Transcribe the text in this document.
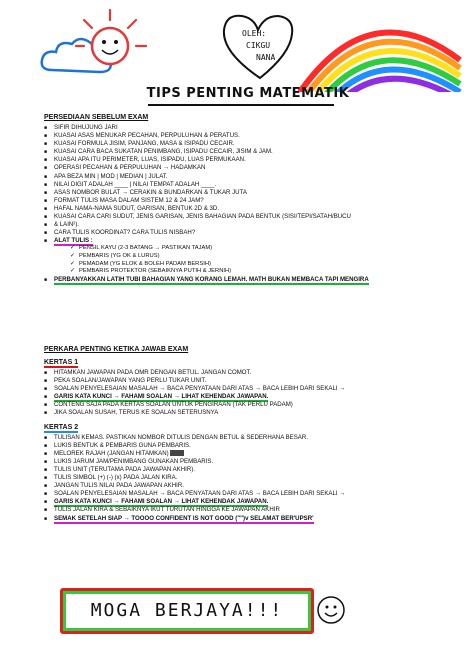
OLEH:
CIKGU
NANA
TIPS PENTING MATEMATIK
PERSEDIAAN SEBELUM EXAM
■ SIFIR DIHUJUNG JARI
■ KUASAI ASAS MENUKAR PECAHAN, PERPULUHAN & PERATUS.
■ KUASAI FORMULA JISIM, PANJANG, MASA & ISIPADU CECAIR.
■ KUASAI CARA BACA SUKATAN PENIMBANG, ISIPADU CECAIR, JISIM & JAM.
■ KUASAI APA ITU PERIMETER, LUAS, ISIPADU, LUAS PERMUKAAN.
■ OPERASI PECAHAN & PERPULUHAN → HADAMKAN
■ APA BEZA MIN | MOD | MEDIAN | JULAT.
■ NILAI DIGIT ADALAH ____ | NILAI TEMPAT ADALAH ____.
■ ASAS NOMBOR BULAT → CERAKIN & BUNDARKAN & TUKAR JUTA
■ FORMAT TULIS MASA DALAM SISTEM 12 & 24 JAM?
■ HAFAL NAMA-NAMA SUDUT, GARISAN, BENTUK 2D & 3D.
■ KUASAI CARA CARI SUDUT, JENIS GARISAN, JENIS BAHAGIAN PADA BENTUK (SISI/TEPI/SATAH/BUCU
■ & LAIN²).
■ CARA TULIS KOORDINAT? CARA TULIS NISBAH?
■ ALAT TULIS :
✓ PENSIL KAYU (2-3 BATANG → PASTIKAN TAJAM)
✓ PEMBARIS (YG OK & LURUS)
✓ PEMADAM (YG ELOK & BOLEH PADAM BERSIH)
✓ PEMBARIS PROTEKTOR (SEBAIKNYA PUTIH & JERNIH)
■ PERBANYAKKAN LATIH TUBI BAHAGIAN YANG KORANG LEMAH. MATH BUKAN MEMBACA TAPI MENGIRA
PERKARA PENTING KETIKA JAWAB EXAM
KERTAS 1
■ HITAMKAN JAWAPAN PADA OMR DENGAN BETUL. JANGAN COMOT.
■ PEKA SOALAN/JAWAPAN YANG PERLU TUKAR UNIT.
■ SOALAN PENYELESAIAN MASALAH → BACA PENYATAAN DARI ATAS → BACA LEBIH DARI SEKALI →
■ GARIS KATA KUNCI → FAHAMI SOALAN → LIHAT KEHENDAK JAWAPAN.
■ CONTENG SAJA PADA KERTAS SOALAN UNTUK PENGIRAAN (TAK PERLU PADAM)
■ JIKA SOALAN SUSAH, TERUS KE SOALAN SETERUSNYA
KERTAS 2
■ TULISAN KEMAS. PASTIKAN NOMBOR DITULIS DENGAN BETUL & SEDERHANA BESAR.
■ LUKIS BENTUK & PEMBARIS GUNA PEMBARIS.
■ MELOREK RAJAH (JANGAN HITAMKAN)
■ LUKIS JARUM JAM/PENIMBANG GUNAKAN PEMBARIS.
■ TULIS UNIT (TERUTAMA PADA JAWAPAN AKHIR).
■ TULIS SIMBOL (+) (-) (x) PADA JALAN KIRA.
■ JANGAN TULIS NILAI PADA JAWAPAN AKHIR.
■ SOALAN PENYELESAIAN MASALAH → BACA PENYATAAN DARI ATAS → BACA LEBIH DARI SEKALI →
■ GARIS KATA KUNCI → FAHAMI SOALAN → LIHAT KEHENDAK JAWAPAN.
■ TULIS JALAN KIRA & SEBAIKNYA IKUT TURUTAN HINGGA KE JAWAPAN AKHIR
■ SEMAK SETELAH SIAP → TOOOO CONFIDENT IS NOT GOOD ("")v SELAMAT BER'UPSR'
MOGA BERJAYA!!!
